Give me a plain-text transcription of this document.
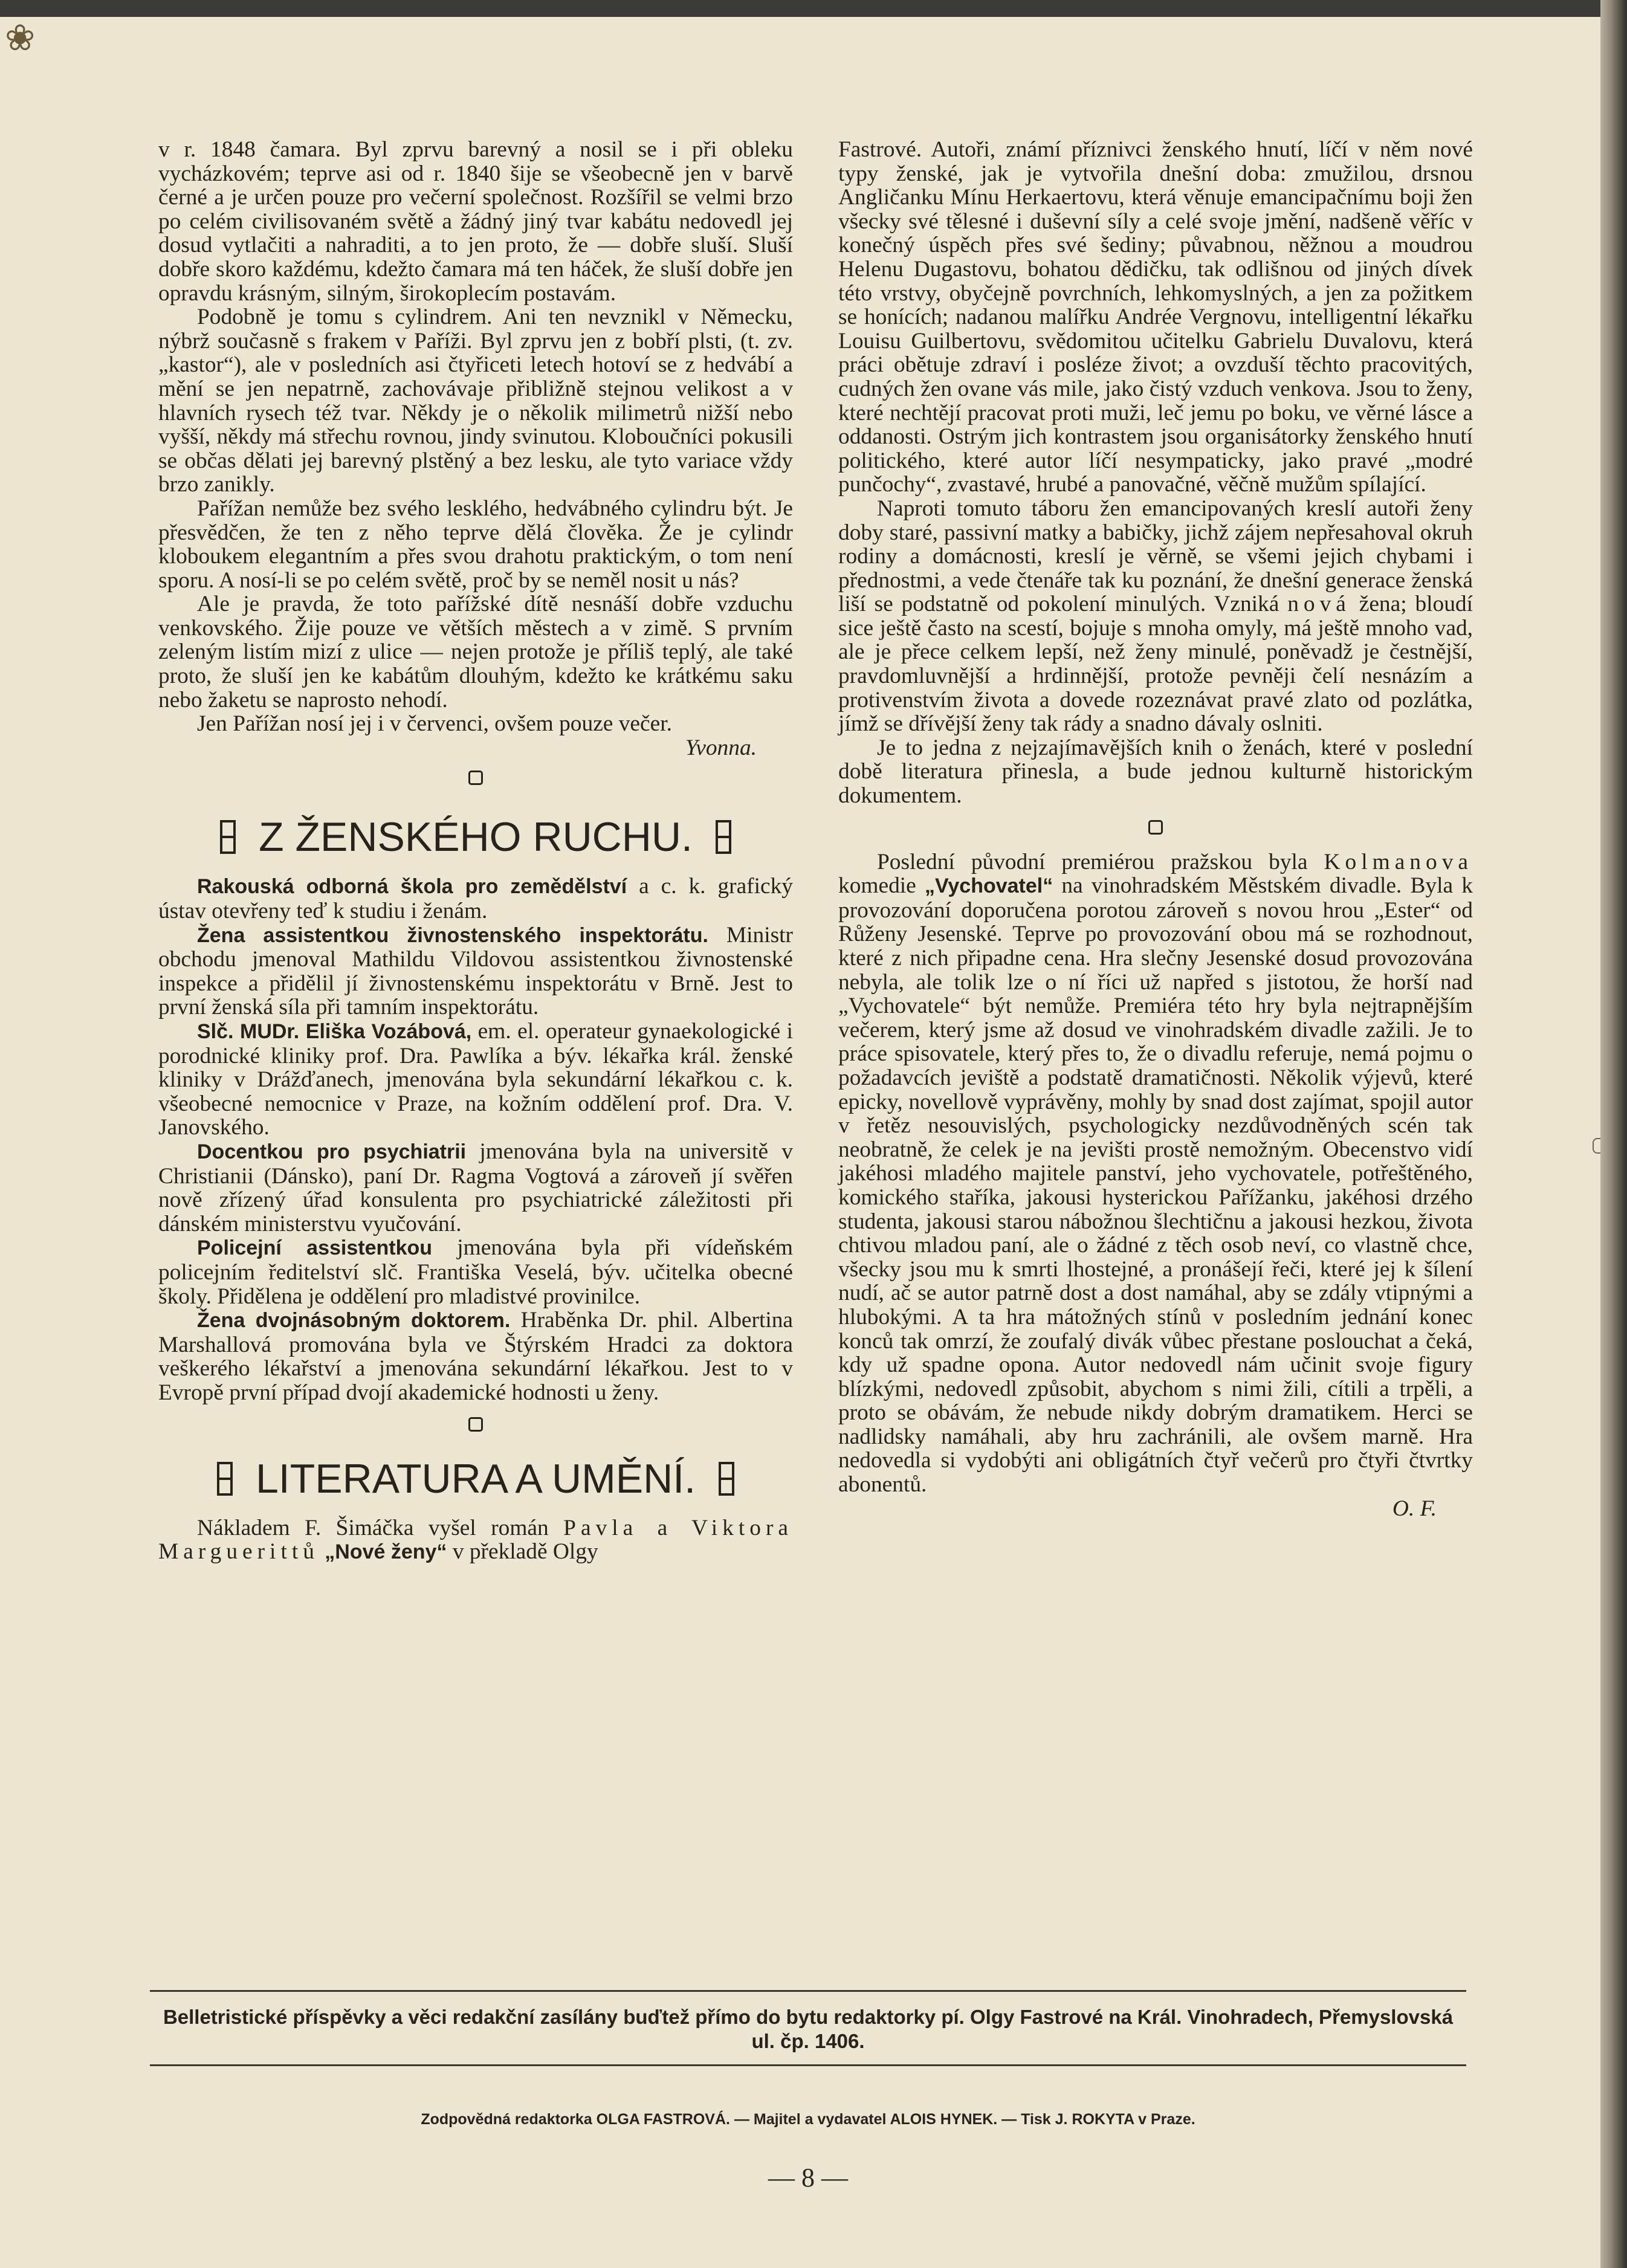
❀

v r. 1848 čamara. Byl zprvu barevný a nosil se i při obleku vycházkovém; teprve asi od r. 1840 šije se všeobecně jen v barvě černé a je určen pouze pro večerní společnost. Rozšířil se velmi brzo po celém civilisovaném světě a žádný jiný tvar kabátu nedovedl jej dosud vytlačiti a nahraditi, a to jen proto, že — dobře sluší. Sluší dobře skoro každému, kdežto čamara má ten háček, že sluší dobře jen opravdu krásným, silným, širokoplecím postavám.

Podobně je tomu s cylindrem. Ani ten nevznikl v Německu, nýbrž současně s frakem v Paříži. Byl zprvu jen z bobří plsti, (t. zv. „kastor“), ale v posledních asi čtyřiceti letech hotoví se z hedvábí a mění se jen nepatrně, zachovávaje přibližně stejnou velikost a v hlavních rysech též tvar. Někdy je o několik milimetrů nižší nebo vyšší, někdy má střechu rovnou, jindy svinutou. Kloboučníci pokusili se občas dělati jej barevný plstěný a bez lesku, ale tyto variace vždy brzo zanikly.

Pařížan nemůže bez svého lesklého, hedvábného cylindru být. Je přesvědčen, že ten z něho teprve dělá člověka. Že je cylindr kloboukem elegantním a přes svou drahotu praktickým, o tom není sporu. A nosí-li se po celém světě, proč by se neměl nosit u nás?

Ale je pravda, že toto pařížské dítě nesnáší dobře vzduchu venkovského. Žije pouze ve větších městech a v zimě. S prvním zeleným listím mizí z ulice — nejen protože je příliš teplý, ale také proto, že sluší jen ke kabátům dlouhým, kdežto ke krátkému saku nebo žaketu se naprosto nehodí.

Jen Pařížan nosí jej i v červenci, ovšem pouze večer.

Yvonna.

Z ŽENSKÉHO RUCHU.

Rakouská odborná škola pro zemědělství a c. k. grafický ústav otevřeny teď k studiu i ženám.

Žena assistentkou živnostenského inspektorátu. Ministr obchodu jmenoval Mathildu Vildovou assistentkou živnostenské inspekce a přidělil jí živnostenskému inspektorátu v Brně. Jest to první ženská síla při tamním inspektorátu.

Slč. MUDr. Eliška Vozábová, em. el. operateur gynaekologické i porodnické kliniky prof. Dra. Pawlíka a býv. lékařka král. ženské kliniky v Drážďanech, jmenována byla sekundární lékařkou c. k. všeobecné nemocnice v Praze, na kožním oddělení prof. Dra. V. Janovského.

Docentkou pro psychiatrii jmenována byla na universitě v Christianii (Dánsko), paní Dr. Ragma Vogtová a zároveň jí svěřen nově zřízený úřad konsulenta pro psychiatrické záležitosti při dánském ministerstvu vyučování.

Policejní assistentkou jmenována byla při vídeňském policejním ředitelství slč. Františka Veselá, býv. učitelka obecné školy. Přidělena je oddělení pro mladistvé provinilce.

Žena dvojnásobným doktorem. Hraběnka Dr. phil. Albertina Marshallová promována byla ve Štýrském Hradci za doktora veškerého lékařství a jmenována sekundární lékařkou. Jest to v Evropě první případ dvojí akademické hodnosti u ženy.

LITERATURA A UMĚNÍ.

Nákladem F. Šimáčka vyšel román Pavla a Viktora Marguerittů „Nové ženy“ v překladě Olgy

Fastrové. Autoři, známí příznivci ženského hnutí, líčí v něm nové typy ženské, jak je vytvořila dnešní doba: zmužilou, drsnou Angličanku Mínu Herkaertovu, která věnuje emancipačnímu boji žen všecky své tělesné i duševní síly a celé svoje jmění, nadšeně věříc v konečný úspěch přes své šediny; půvabnou, něžnou a moudrou Helenu Dugastovu, bohatou dědičku, tak odlišnou od jiných dívek této vrstvy, obyčejně povrchních, lehkomyslných, a jen za požitkem se honících; nadanou malířku Andrée Vergnovu, intelligentní lékařku Louisu Guilbertovu, svědomitou učitelku Gabrielu Duvalovu, která práci obětuje zdraví i posléze život; a ovzduší těchto pracovitých, cudných žen ovane vás mile, jako čistý vzduch venkova. Jsou to ženy, které nechtějí pracovat proti muži, leč jemu po boku, ve věrné lásce a oddanosti. Ostrým jich kontrastem jsou organisátorky ženského hnutí politického, které autor líčí nesympaticky, jako pravé „modré punčochy“, zvastavé, hrubé a panovačné, věčně mužům spílající.

Naproti tomuto táboru žen emancipovaných kreslí autoři ženy doby staré, passivní matky a babičky, jichž zájem nepřesahoval okruh rodiny a domácnosti, kreslí je věrně, se všemi jejich chybami i přednostmi, a vede čtenáře tak ku poznání, že dnešní generace ženská liší se podstatně od pokolení minulých. Vzniká nová žena; bloudí sice ještě často na scestí, bojuje s mnoha omyly, má ještě mnoho vad, ale je přece celkem lepší, než ženy minulé, poněvadž je čestnější, pravdomluvnější a hrdinnější, protože pevněji čelí nesnázím a protivenstvím života a dovede rozeznávat pravé zlato od pozlátka, jímž se dřívější ženy tak rády a snadno dávaly oslniti.

Je to jedna z nejzajímavějších knih o ženách, které v poslední době literatura přinesla, a bude jednou kulturně historickým dokumentem.

Poslední původní premiérou pražskou byla Kolmanova komedie „Vychovatel“ na vinohradském Městském divadle. Byla k provozování doporučena porotou zároveň s novou hrou „Ester“ od Růženy Jesenské. Teprve po provozování obou má se rozhodnout, které z nich připadne cena. Hra slečny Jesenské dosud provozována nebyla, ale tolik lze o ní říci už napřed s jistotou, že horší nad „Vychovatele“ být nemůže. Premiéra této hry byla nejtrapnějším večerem, který jsme až dosud ve vinohradském divadle zažili. Je to práce spisovatele, který přes to, že o divadlu referuje, nemá pojmu o požadavcích jeviště a podstatě dramatičnosti. Několik výjevů, které epicky, novellově vyprávěny, mohly by snad dost zajímat, spojil autor v řetěz nesouvislých, psychologicky nezdůvodněných scén tak neobratně, že celek je na jevišti prostě nemožným. Obecenstvo vidí jakéhosi mladého majitele panství, jeho vychovatele, potřeštěného, komického staříka, jakousi hysterickou Pařížanku, jakéhosi drzého studenta, jakousi starou nábožnou šlechtičnu a jakousi hezkou, života chtivou mladou paní, ale o žádné z těch osob neví, co vlastně chce, všecky jsou mu k smrti lhostejné, a pronášejí řeči, které jej k šílení nudí, ač se autor patrně dost a dost namáhal, aby se zdály vtipnými a hlubokými. A ta hra mátožných stínů v posledním jednání konec konců tak omrzí, že zoufalý divák vůbec přestane poslouchat a čeká, kdy už spadne opona. Autor nedovedl nám učinit svoje figury blízkými, nedovedl způsobit, abychom s nimi žili, cítili a trpěli, a proto se obávám, že nebude nikdy dobrým dramatikem. Herci se nadlidsky namáhali, aby hru zachránili, ale ovšem marně. Hra nedovedla si vydobýti ani obligátních čtyř večerů pro čtyři čtvrtky abonentů.

O. F.

Belletristické příspěvky a věci redakční zasílány buďtež přímo do bytu redaktorky pí. Olgy Fastrové na Král. Vinohradech, Přemyslovská ul. čp. 1406.
Zodpovědná redaktorka OLGA FASTROVÁ. — Majitel a vydavatel ALOIS HYNEK. — Tisk J. ROKYTA v Praze.
— 8 —
